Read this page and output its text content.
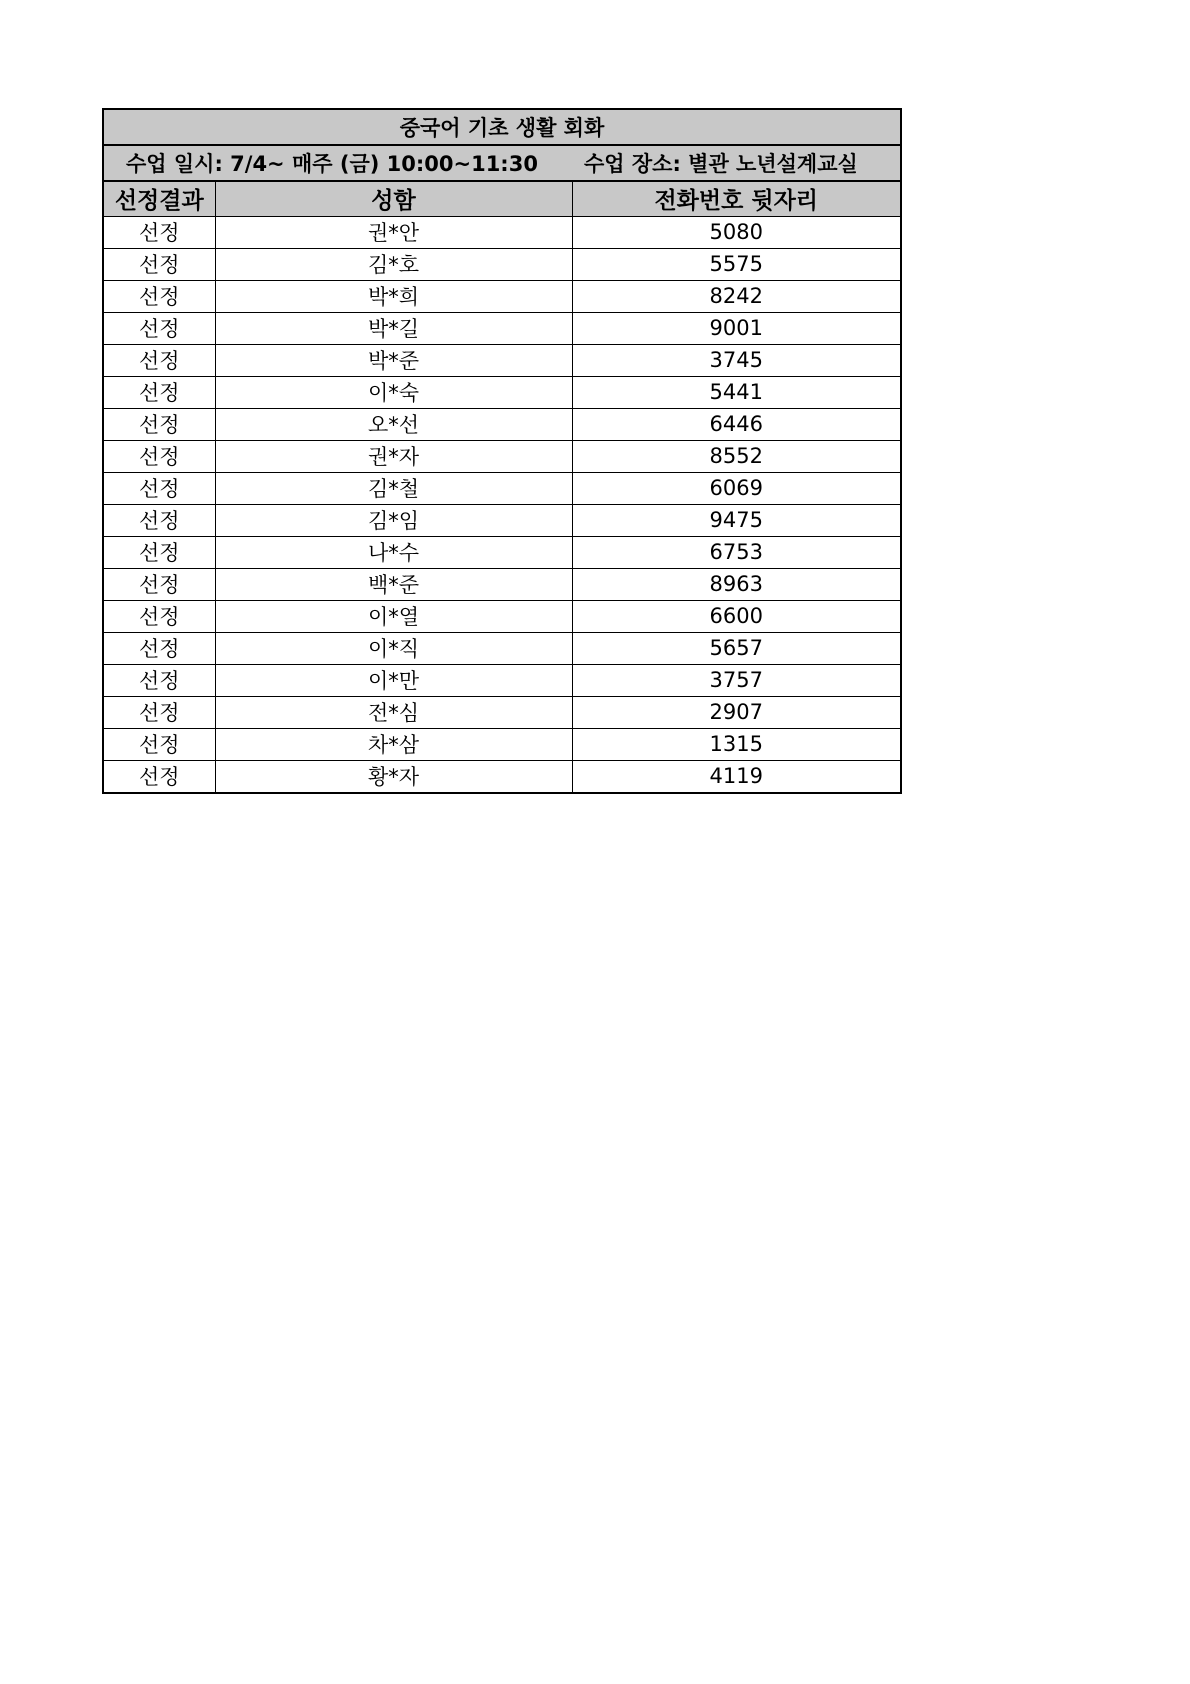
중국어 기초 생활 회화
수업 일시: 7/4~ 매주 (금) 10:00~11:30	수업 장소: 별관 노년설계교실
선정결과	성함	전화번호 뒷자리
선정	권*안	5080
선정	김*호	5575
선정	박*희	8242
선정	박*길	9001
선정	박*준	3745
선정	이*숙	5441
선정	오*선	6446
선정	권*자	8552
선정	김*철	6069
선정	김*임	9475
선정	나*수	6753
선정	백*준	8963
선정	이*열	6600
선정	이*직	5657
선정	이*만	3757
선정	전*심	2907
선정	차*삼	1315
선정	황*자	4119
